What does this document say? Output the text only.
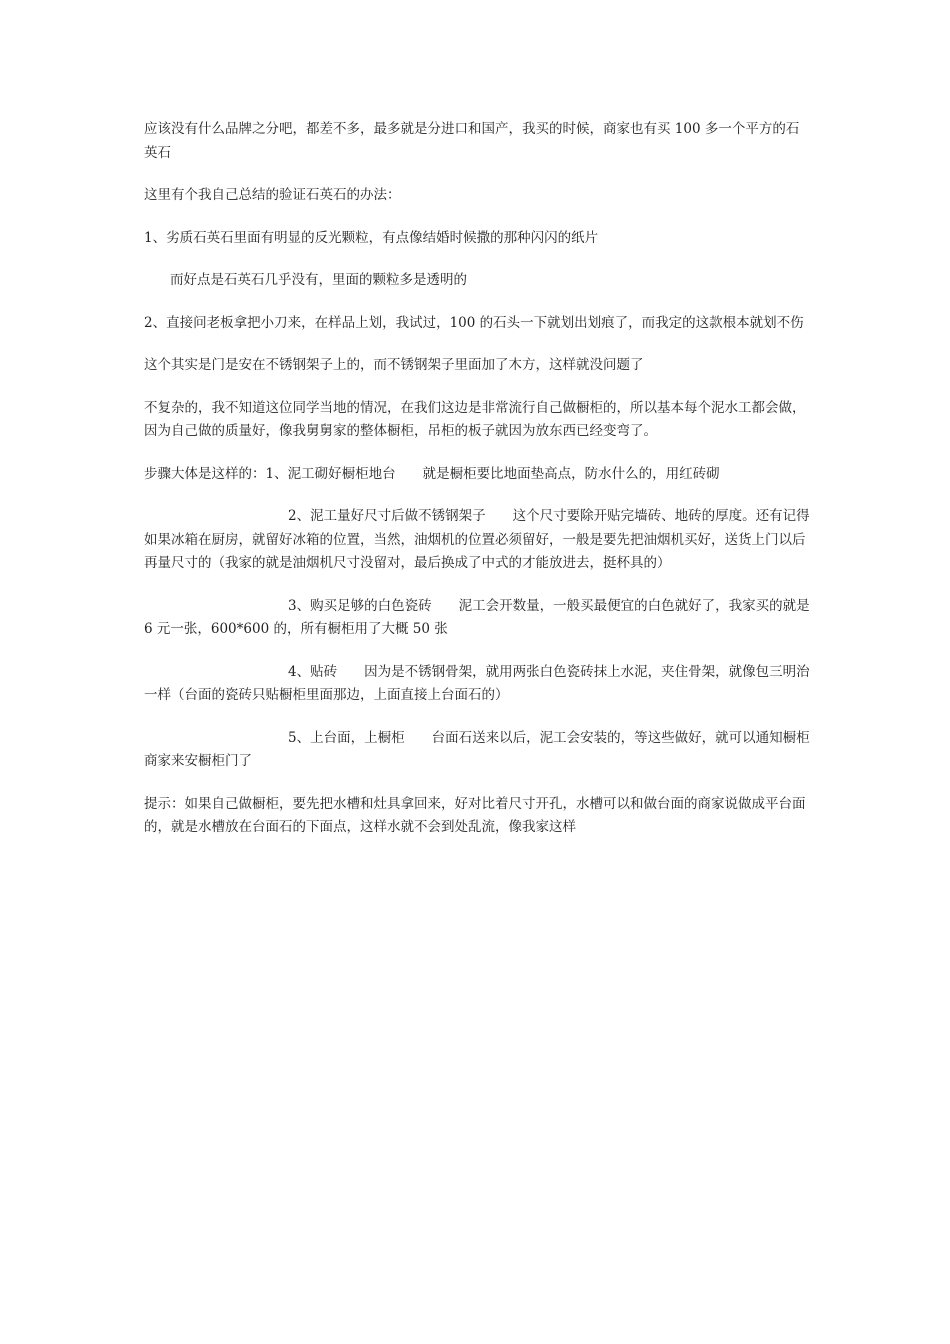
应该没有什么品牌之分吧，都差不多，最多就是分进口和国产，我买的时候，商家也有买 100 多一个平方的石英石

这里有个我自己总结的验证石英石的办法：

1、劣质石英石里面有明显的反光颗粒，有点像结婚时候撒的那种闪闪的纸片

而好点是石英石几乎没有，里面的颗粒多是透明的

2、直接问老板拿把小刀来，在样品上划，我试过，100 的石头一下就划出划痕了，而我定的这款根本就划不伤

这个其实是门是安在不锈钢架子上的，而不锈钢架子里面加了木方，这样就没问题了

不复杂的，我不知道这位同学当地的情况，在我们这边是非常流行自己做橱柜的，所以基本每个泥水工都会做，因为自己做的质量好，像我舅舅家的整体橱柜，吊柜的板子就因为放东西已经变弯了。

步骤大体是这样的：1、泥工砌好橱柜地台　　就是橱柜要比地面垫高点，防水什么的，用红砖砌

2、泥工量好尺寸后做不锈钢架子　　这个尺寸要除开贴完墙砖、地砖的厚度。还有记得如果冰箱在厨房，就留好冰箱的位置，当然，油烟机的位置必须留好，一般是要先把油烟机买好，送货上门以后再量尺寸的（我家的就是油烟机尺寸没留对，最后换成了中式的才能放进去，挺杯具的）

3、购买足够的白色瓷砖　　泥工会开数量，一般买最便宜的白色就好了，我家买的就是 6 元一张，600*600 的，所有橱柜用了大概 50 张

4、贴砖　　因为是不锈钢骨架，就用两张白色瓷砖抹上水泥，夹住骨架，就像包三明治一样（台面的瓷砖只贴橱柜里面那边，上面直接上台面石的）

5、上台面，上橱柜　　台面石送来以后，泥工会安装的，等这些做好，就可以通知橱柜商家来安橱柜门了

提示：如果自己做橱柜，要先把水槽和灶具拿回来，好对比着尺寸开孔，水槽可以和做台面的商家说做成平台面的，就是水槽放在台面石的下面点，这样水就不会到处乱流，像我家这样
